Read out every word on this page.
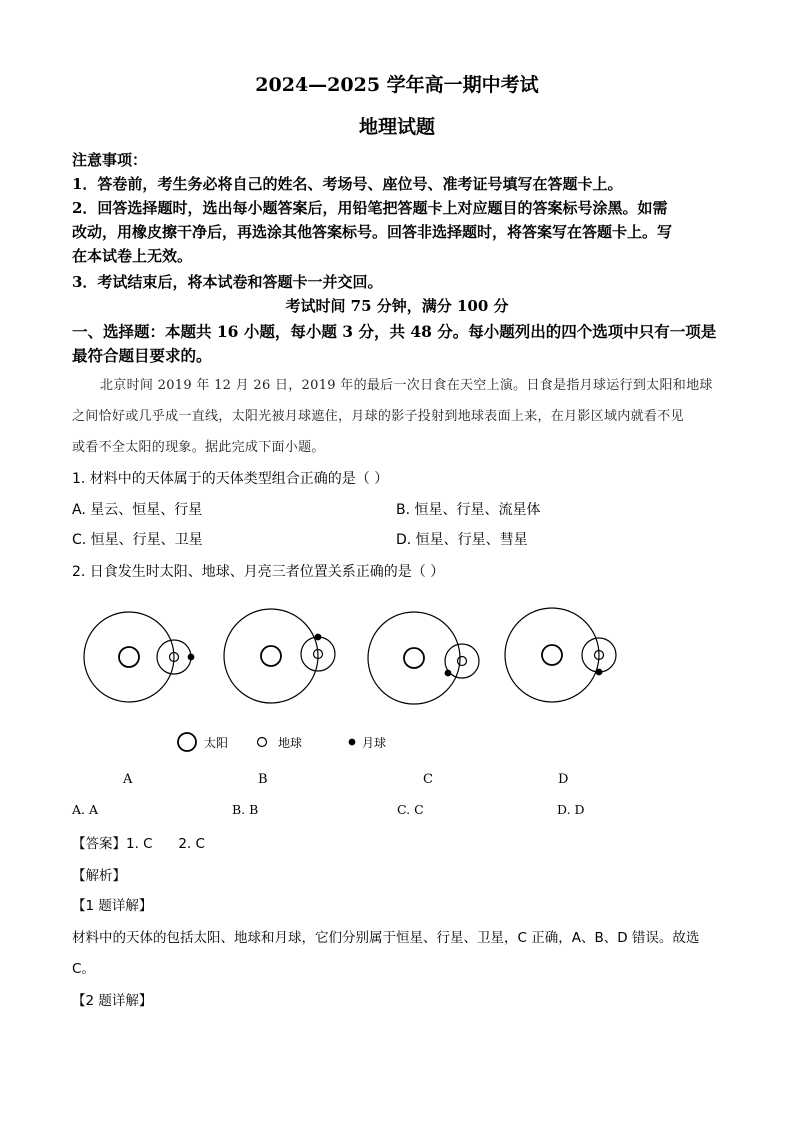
2024—2025 学年高一期中考试
地理试题
注意事项：
1．答卷前，考生务必将自己的姓名、考场号、座位号、准考证号填写在答题卡上。
2．回答选择题时，选出每小题答案后，用铅笔把答题卡上对应题目的答案标号涂黑。如需
改动，用橡皮擦干净后，再选涂其他答案标号。回答非选择题时，将答案写在答题卡上。写
在本试卷上无效。
3．考试结束后，将本试卷和答题卡一并交回。
考试时间 75 分钟，满分 100 分
一、选择题：本题共 16 小题，每小题 3 分，共 48 分。每小题列出的四个选项中只有一项是
最符合题目要求的。
北京时间 2019 年 12 月 26 日，2019 年的最后一次日食在天空上演。日食是指月球运行到太阳和地球
之间恰好或几乎成一直线，太阳光被月球遮住，月球的影子投射到地球表面上来，在月影区域内就看不见
或看不全太阳的现象。据此完成下面小题。
1. 材料中的天体属于的天体类型组合正确的是（ ）
A. 星云、恒星、行星	B. 恒星、行星、流星体
C. 恒星、行星、卫星	D. 恒星、行星、彗星
2. 日食发生时太阳、地球、月亮三者位置关系正确的是（ ）
太阳	地球	月球
A	B	C	D
A. A	B. B	C. C	D. D
【答案】1. C      2. C
【解析】
【1 题详解】
材料中的天体的包括太阳、地球和月球，它们分别属于恒星、行星、卫星，C 正确，A、B、D 错误。故选
C。
【2 题详解】
